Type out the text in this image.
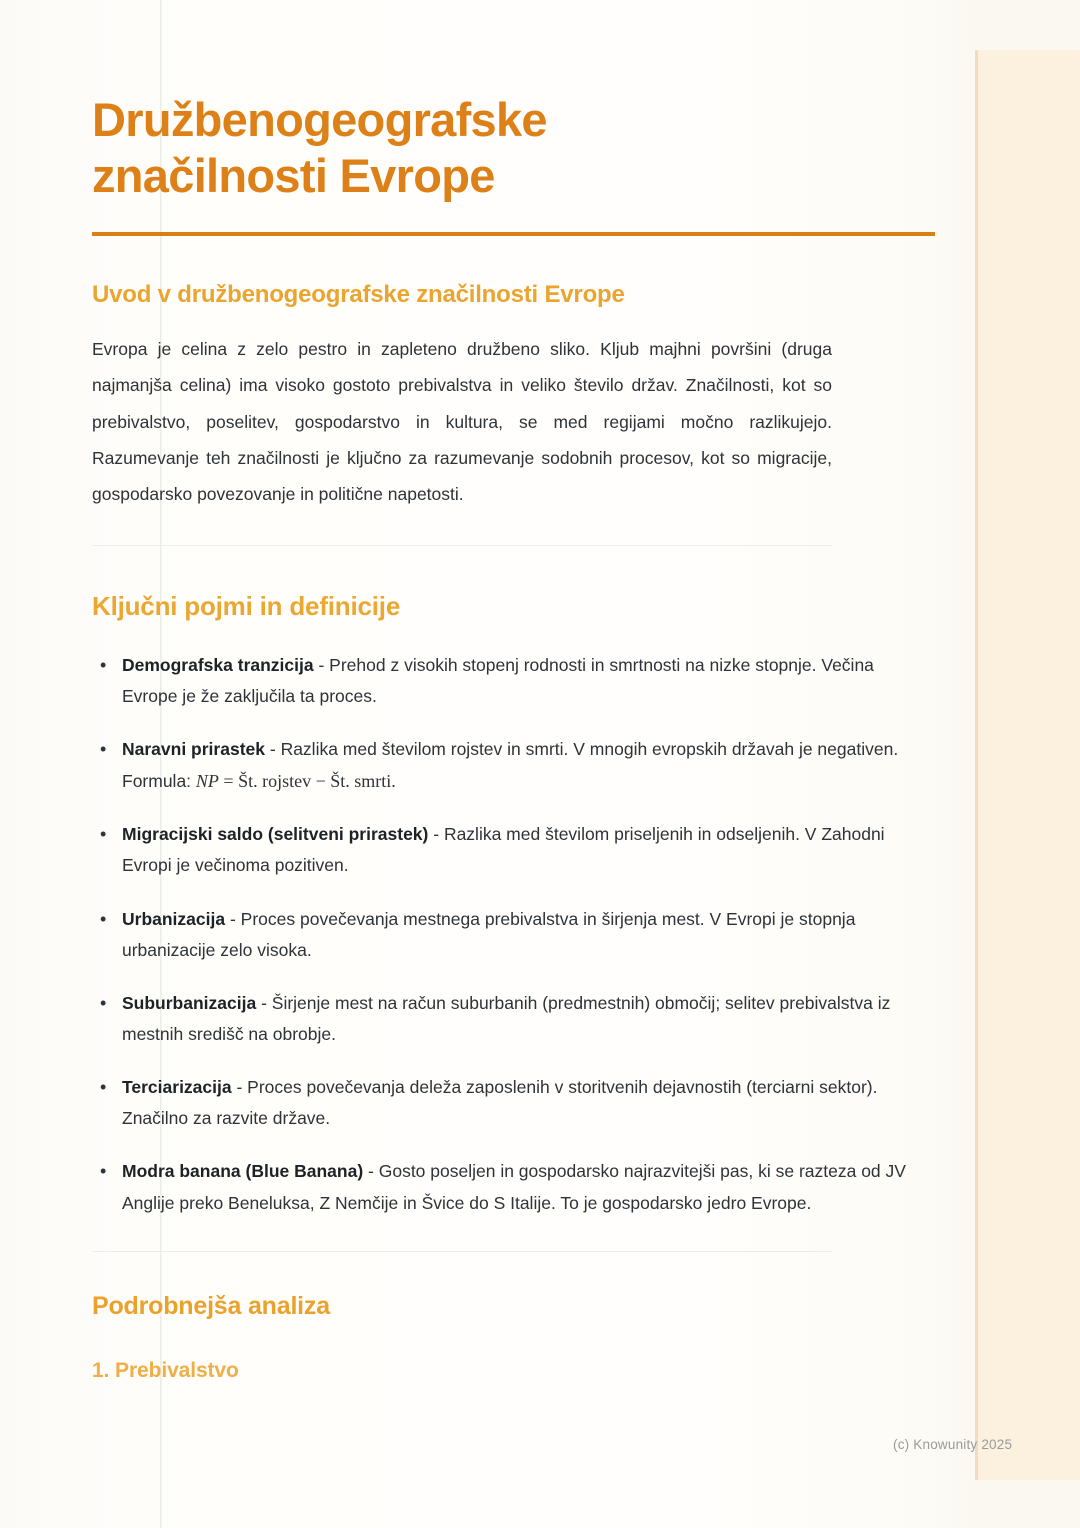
Družbenogeografske značilnosti Evrope
Uvod v družbenogeografske značilnosti Evrope

Evropa je celina z zelo pestro in zapleteno družbeno sliko. Kljub majhni površini (druga najmanjša celina) ima visoko gostoto prebivalstva in veliko število držav. Značilnosti, kot so prebivalstvo, poselitev, gospodarstvo in kultura, se med regijami močno razlikujejo. Razumevanje teh značilnosti je ključno za razumevanje sodobnih procesov, kot so migracije, gospodarsko povezovanje in politične napetosti.

Ključni pojmi in definicije
• Demografska tranzicija - Prehod z visokih stopenj rodnosti in smrtnosti na nizke stopnje. Večina Evrope je že zaključila ta proces.
• Naravni prirastek - Razlika med številom rojstev in smrti. V mnogih evropskih državah je negativen. Formula: NP = Št. rojstev − Št. smrti.
• Migracijski saldo (selitveni prirastek) - Razlika med številom priseljenih in odseljenih. V Zahodni Evropi je večinoma pozitiven.
• Urbanizacija - Proces povečevanja mestnega prebivalstva in širjenja mest. V Evropi je stopnja urbanizacije zelo visoka.
• Suburbanizacija - Širjenje mest na račun suburbanih (predmestnih) območij; selitev prebivalstva iz mestnih središč na obrobje.
• Terciarizacija - Proces povečevanja deleža zaposlenih v storitvenih dejavnostih (terciarni sektor). Značilno za razvite države.
• Modra banana (Blue Banana) - Gosto poseljen in gospodarsko najrazvitejši pas, ki se razteza od JV Anglije preko Beneluksa, Z Nemčije in Švice do S Italije. To je gospodarsko jedro Evrope.
Podrobnejša analiza
1. Prebivalstvo
(c) Knowunity 2025
